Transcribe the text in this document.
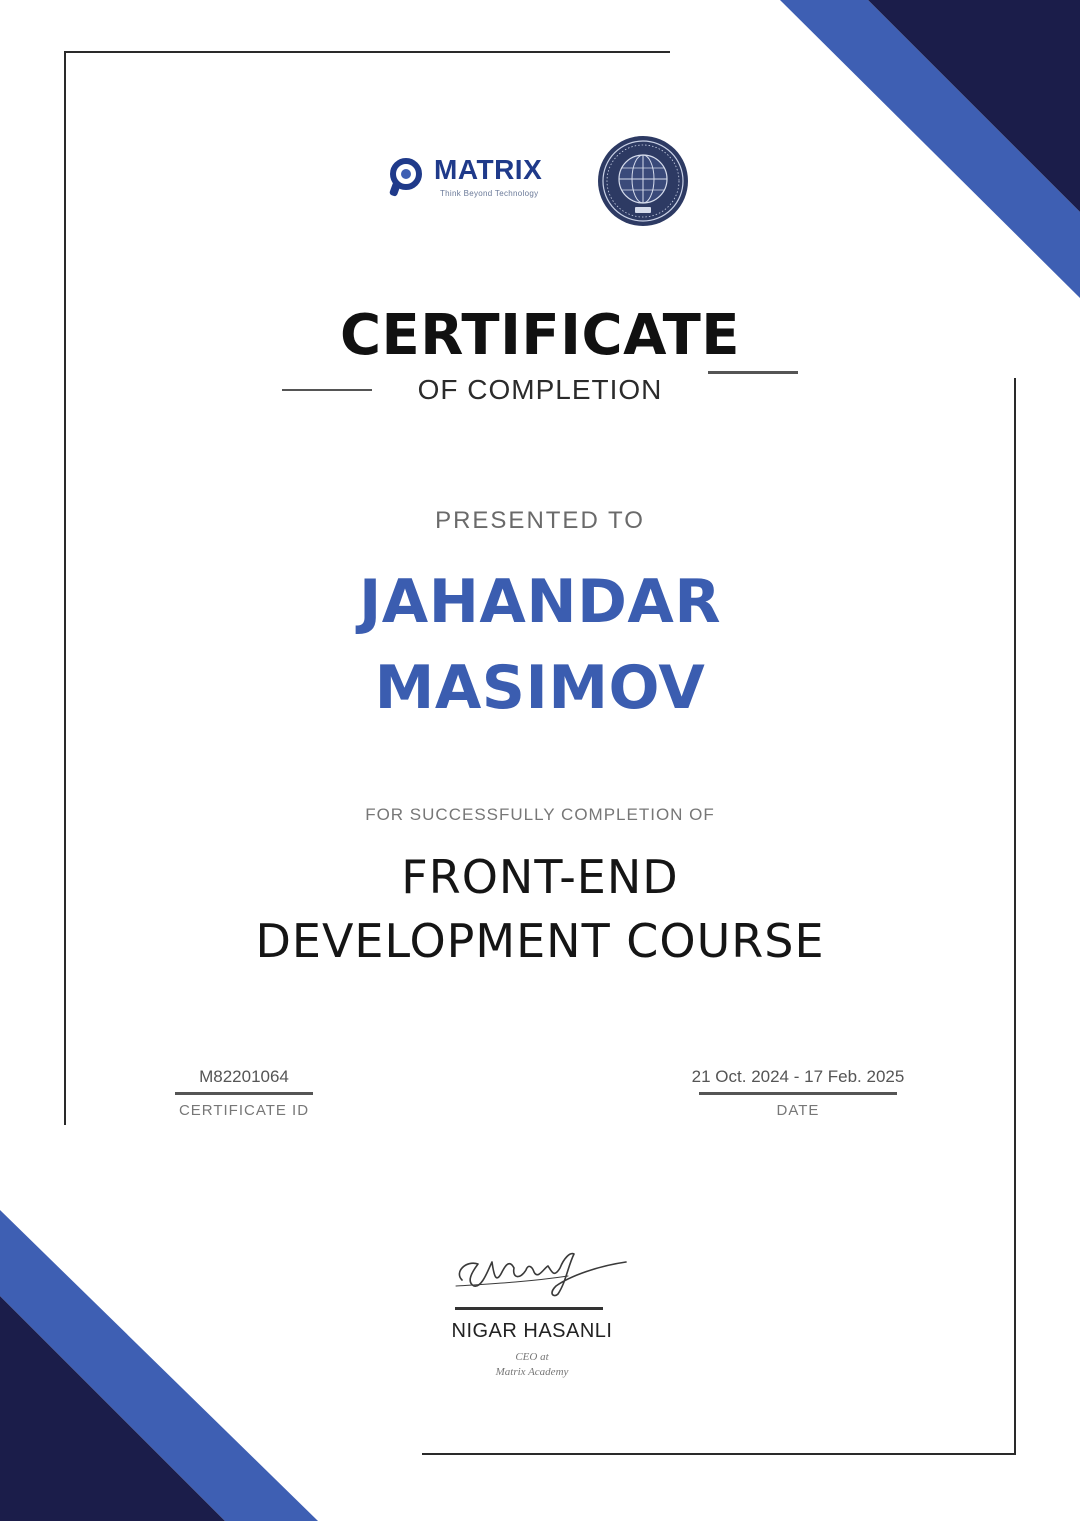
MATRIX
Think Beyond Technology
CERTIFICATE
OF COMPLETION
PRESENTED TO
JAHANDAR
MASIMOV
FOR SUCCESSFULLY COMPLETION OF
FRONT-END
DEVELOPMENT COURSE
M82201064
CERTIFICATE ID
21 Oct. 2024 - 17 Feb. 2025
DATE
NIGAR HASANLI
CEO at
Matrix Academy
